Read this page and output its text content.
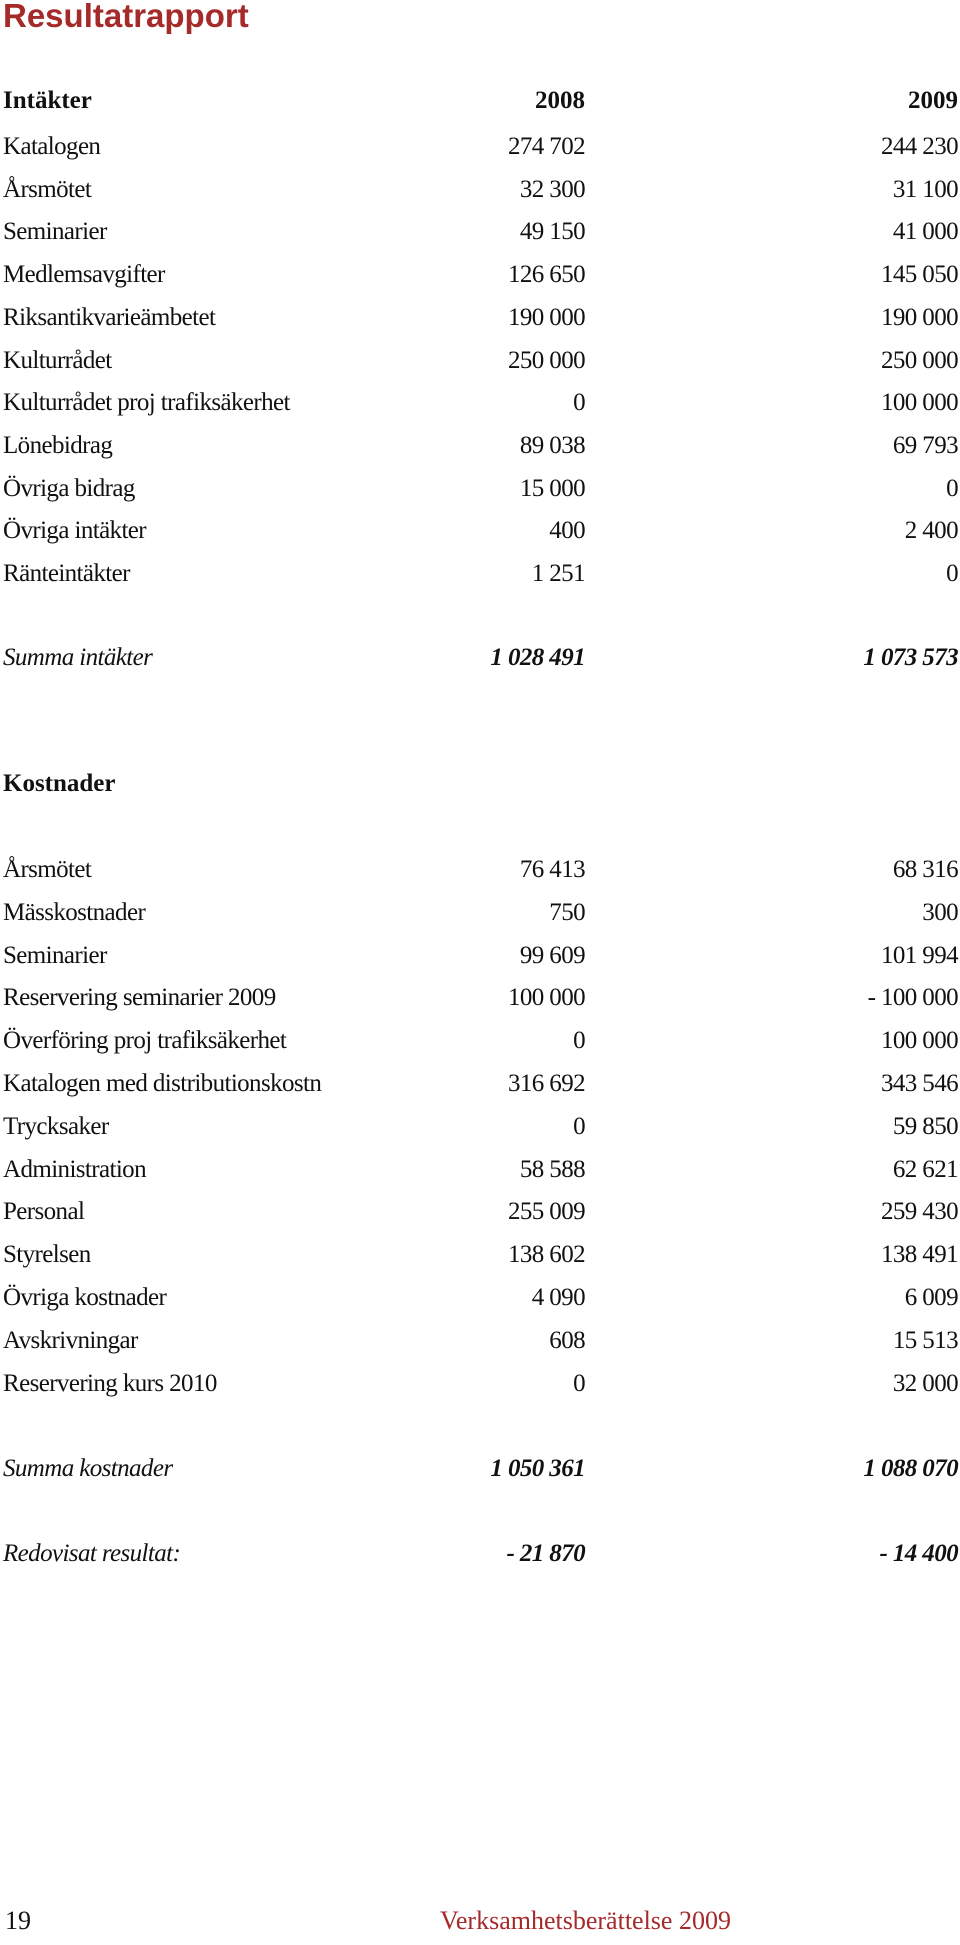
Resultatrapport
Intäkter	2008	2009
Katalogen	274 702	244 230
Årsmötet	32 300	31 100
Seminarier	49 150	41 000
Medlemsavgifter	126 650	145 050
Riksantikvarieämbetet	190 000	190 000
Kulturrådet	250 000	250 000
Kulturrådet proj trafiksäkerhet	0	100 000
Lönebidrag	89 038	69 793
Övriga bidrag	15 000	0
Övriga intäkter	400	2 400
Ränteintäkter	1 251	0
Summa intäkter	1 028 491	1 073 573
Kostnader
Årsmötet	76 413	68 316
Mässkostnader	750	300
Seminarier	99 609	101 994
Reservering seminarier 2009	100 000	- 100 000
Överföring proj trafiksäkerhet	0	100 000
Katalogen med distributionskostn	316 692	343 546
Trycksaker	0	59 850
Administration	58 588	62 621
Personal	255 009	259 430
Styrelsen	138 602	138 491
Övriga kostnader	4 090	6 009
Avskrivningar	608	15 513
Reservering kurs 2010	0	32 000
Summa kostnader	1 050 361	1 088 070
Redovisat resultat:	- 21 870	- 14 400
19	Verksamhetsberättelse 2009
